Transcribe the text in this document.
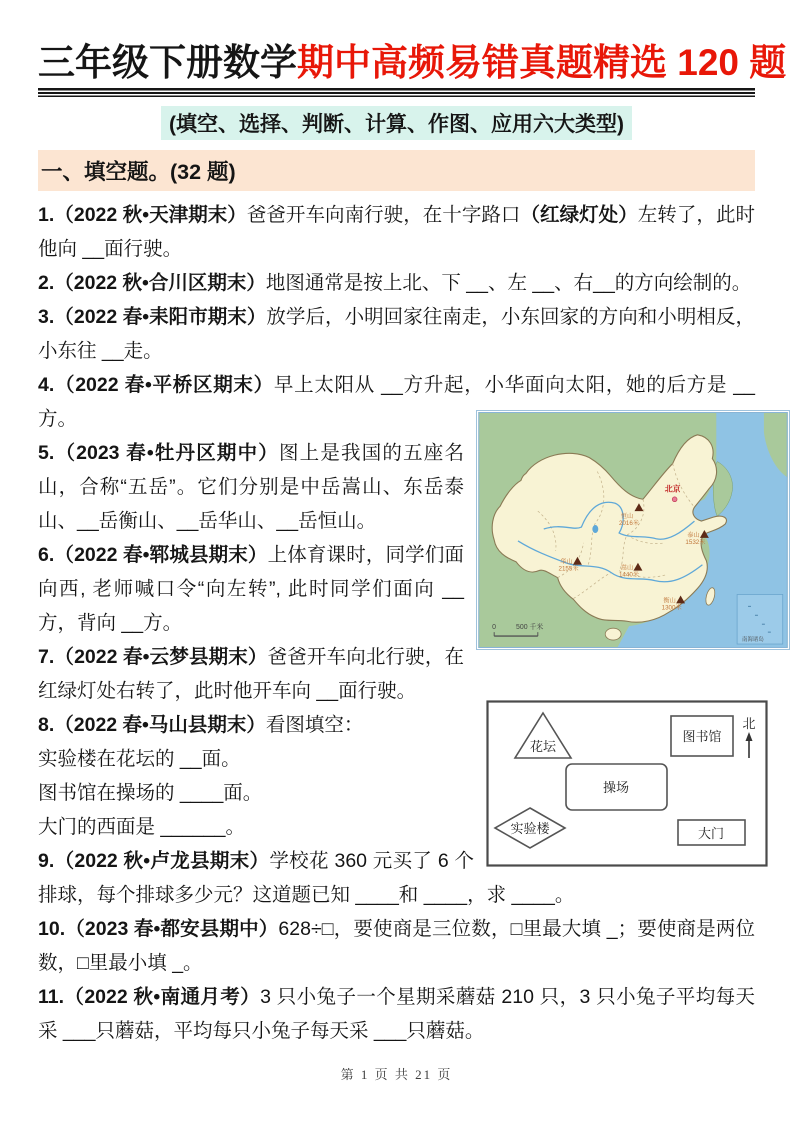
三年级下册数学期中高频易错真题精选 120 题
(填空、选择、判断、计算、作图、应用六大类型)
一、填空题。(32 题)

1.（2022 秋•天津期末）爸爸开车向南行驶，在十字路口（红绿灯处）左转了，此时他向 __面行驶。

2.（2022 秋•合川区期末）地图通常是按上北、下 __、左 __、右__的方向绘制的。

3.（2022 春•耒阳市期末）放学后，小明回家往南走，小东回家的方向和小明相反，小东往 __走。

4.（2022 春•平桥区期末）早上太阳从 __方升起，小华面向太阳，她的后方是 __方。

北京
恒山 2016米
泰山 1532米
华山 2155米	嵩山 1440米
衡山 1300米
0	500 千米
南海诸岛

5.（2023 春•牡丹区期中）图上是我国的五座名山，合称“五岳”。它们分别是中岳嵩山、东岳泰山、__岳衡山、__岳华山、__岳恒山。

6.（2022 春•郓城县期末）上体育课时，同学们面向西, 老师喊口令“向左转”, 此时同学们面向 __方，背向 __方。

花坛
图书馆
北
操场
实验楼	大门

7.（2022 春•云梦县期末）爸爸开车向北行驶，在红绿灯处右转了，此时他开车向 __面行驶。

8.（2022 春•马山县期末）看图填空：

实验楼在花坛的 __面。

图书馆在操场的 ____面。

大门的西面是 ______。

9.（2022 秋•卢龙县期末）学校花 360 元买了 6 个排球，每个排球多少元？这道题已知 ____和 ____，求 ____。

10.（2023 春•都安县期中）628÷□，要使商是三位数，□里最大填 _；要使商是两位数，□里最小填 _。

11.（2022 秋•南通月考）3 只小兔子一个星期采蘑菇 210 只，3 只小兔子平均每天采 ___只蘑菇，平均每只小兔子每天采 ___只蘑菇。

第 1 页 共 21 页
